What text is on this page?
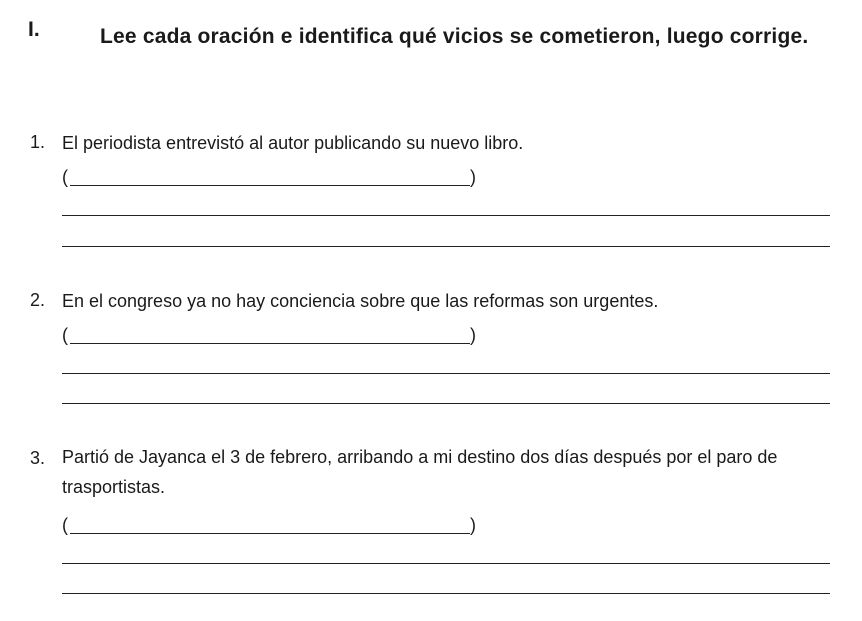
I.	Lee cada oración e identifica qué vicios se cometieron, luego corrige.
1. El periodista entrevistó al autor publicando su nuevo libro.
(	)
2. En el congreso ya no hay conciencia sobre que las reformas son urgentes.
(	)
3. Partió de Jayanca el 3 de febrero, arribando a mi destino dos días después por el paro de trasportistas.
(	)
